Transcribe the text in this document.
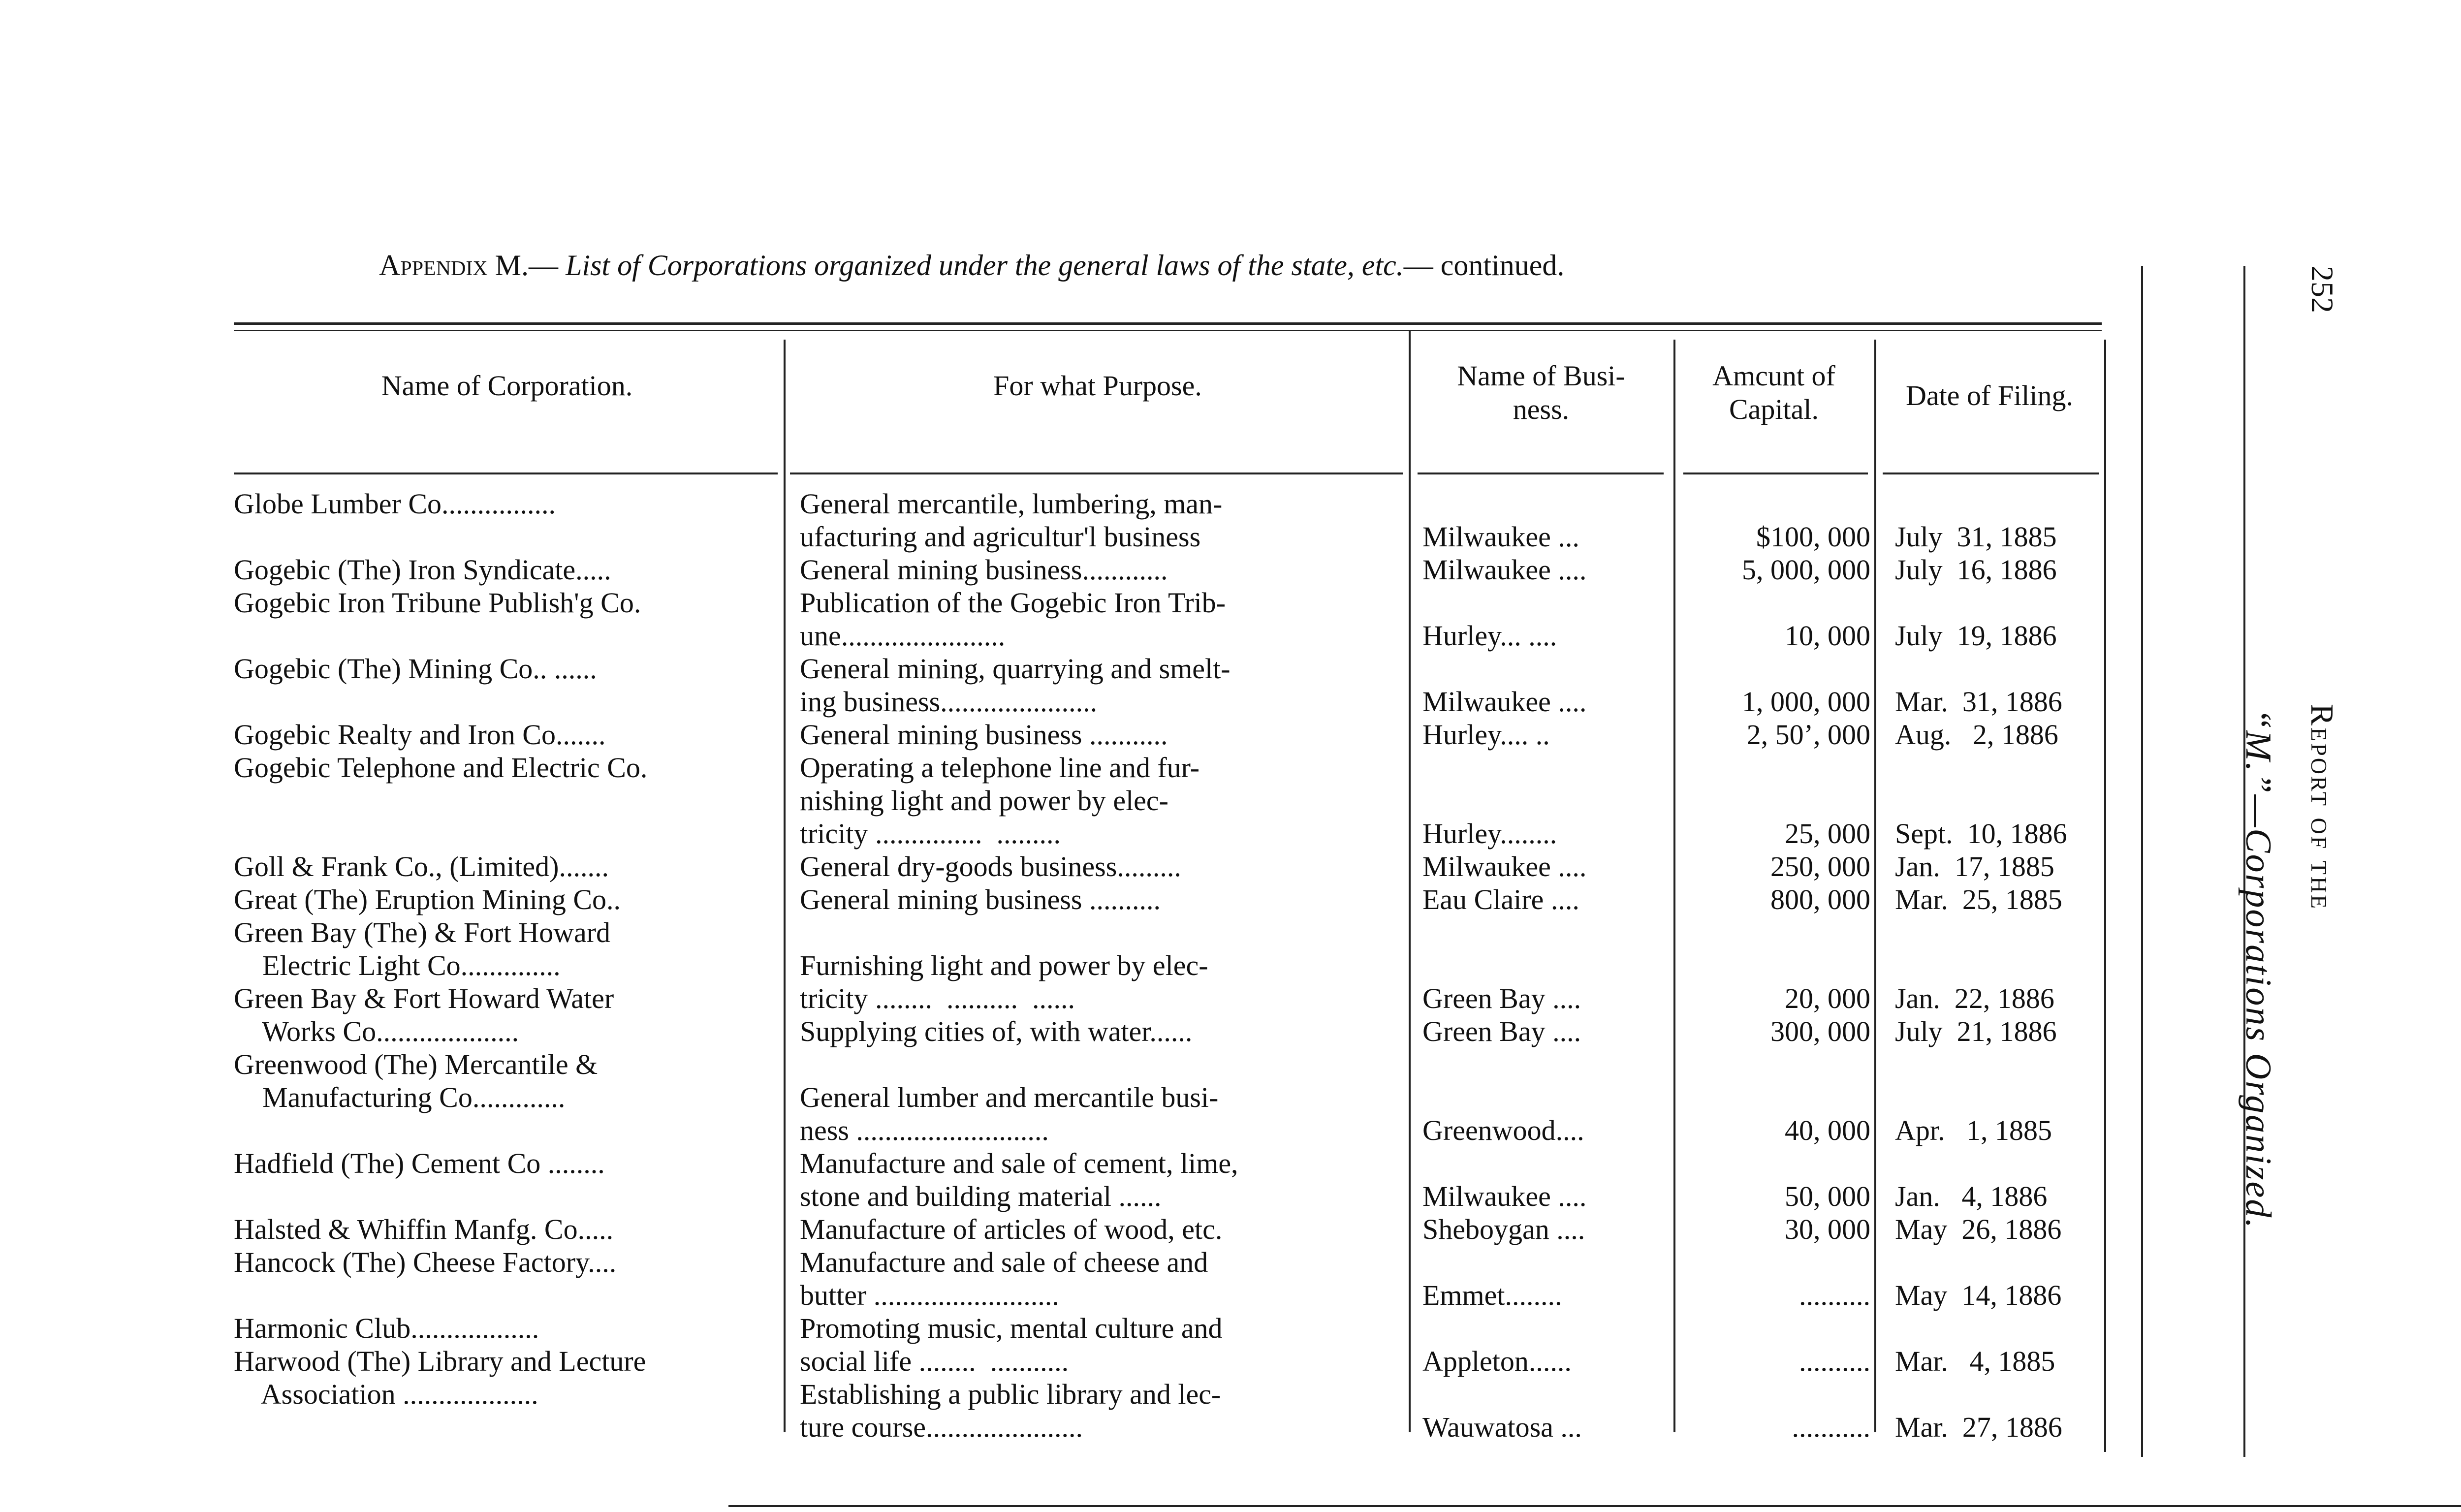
Appendix M.— List of Corporations organized under the general laws of the state, etc.— continued.
Name of Corporation.	For what Purpose.	Name of Busi-
ness.
Amcunt of
Capital.	Date of Filing.
Globe Lumber Co................	General mercantile, lumbering, man-
ufacturing and agricultur'l business	Milwaukee ...	$100, 000 July  31, 1885
Gogebic (The) Iron Syndicate.....	General mining business............	Milwaukee ....	5, 000, 000 July  16, 1886
Gogebic Iron Tribune Publish'g Co.	Publication of the Gogebic Iron Trib-
une.......................	Hurley... ....	10, 000 July  19, 1886
Gogebic (The) Mining Co.. ......	General mining, quarrying and smelt-
ing business......................	Milwaukee ....	1, 000, 000 Mar.  31, 1886
Gogebic Realty and Iron Co.......	General mining business ...........	Hurley.... ..	2, 50’, 000 Aug.   2, 1886
Gogebic Telephone and Electric Co.	Operating a telephone line and fur-
nishing light and power by elec-
tricity ...............  .........	Hurley........	25, 000 Sept.  10, 1886
Goll & Frank Co., (Limited).......	General dry-goods business.........	Milwaukee ....	250, 000 Jan.  17, 1885
Great (The) Eruption Mining Co..	General mining business ..........	Eau Claire ....	800, 000 Mar.  25, 1885
Green Bay (The) & Fort Howard
Electric Light Co..............	Furnishing light and power by elec-
tricity ........  ..........  ......	Green Bay ....	20, 000 Jan.  22, 1886
Green Bay & Fort Howard Water
Works Co....................	Supplying cities of, with water......	Green Bay ....	300, 000 July  21, 1886
Greenwood (The) Mercantile &
Manufacturing Co.............	General lumber and mercantile busi-
ness ...........................	Greenwood....	40, 000 Apr.   1, 1885
Hadfield (The) Cement Co ........	Manufacture and sale of cement, lime,
stone and building material ......	Milwaukee ....	50, 000 Jan.   4, 1886
Halsted & Whiffin Manfg. Co.....	Manufacture of articles of wood, etc.	Sheboygan ....	30, 000 May  26, 1886
Hancock (The) Cheese Factory....	Manufacture and sale of cheese and
butter ..........................	Emmet........	.......... May  14, 1886
Harmonic Club..................	Promoting music, mental culture and
social life ........  ...........	Appleton......	.......... Mar.   4, 1885
Harwood (The) Library and Lecture
Association ...................	Establishing a public library and lec-
ture course......................	Wauwatosa ...	........... Mar.  27, 1886
“M.”—Corporations Organized. Report of the
252
